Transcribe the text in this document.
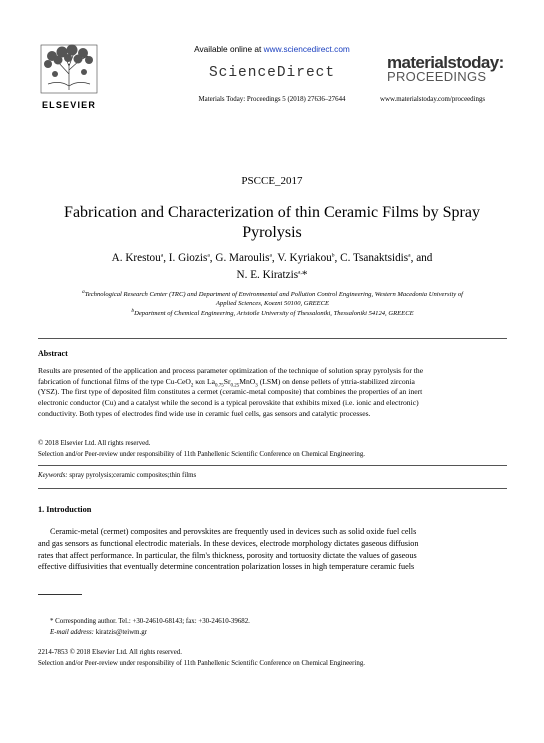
Available online at www.sciencedirect.com
ELSEVIER
ScienceDirect
Materials Today: Proceedings 5 (2018) 27636–27644
materialstoday:
PROCEEDINGS
www.materialstoday.com/proceedings
PSCCE_2017
Fabrication and Characterization of thin Ceramic Films by Spray
Pyrolysis
A. Krestou$^a$, I. Giozis$^a$, G. Maroulis$^a$, V. Kyriakou$^b$, C. Tsanaktsidis$^a$, and
N. E. Kiratzis$^{a,}$*
$^a$Technological Research Center (TRC) and Department of Environmental and Pollution Control Engineering, Western Macedonia University of
Applied Sciences, Koezni 50100, GREECE
$^b$Department of Chemical Engineering, Aristotle University of Thessaloniki, Thessaloniki 54124, GREECE
Abstract
Results are presented of the application and process parameter optimization of the technique of solution spray pyrolysis for the
fabrication of functional films of the type Cu-CeO$_2$ και $La_{0.75}Sr_{0.25}MnO_3$ (LSM) on dense pellets of yttria-stabilized zirconia
(YSZ). The first type of deposited film constitutes a cermet (ceramic-metal composite) that combines the properties of an inert
electronic conductor (Cu) and a catalyst while the second is a typical perovskite that exhibits mixed (i.e. ionic and electronic)
conductivity. Both types of electrodes find wide use in ceramic fuel cells, gas sensors and catalytic processes.
© 2018 Elsevier Ltd. All rights reserved.
Selection and/or Peer-review under responsibility of 11th Panhellenic Scientific Conference on Chemical Engineering.
Keywords: spray pyrolysis;ceramic composites;thin films
1. Introduction
Ceramic-metal (cermet) composites and perovskites are frequently used in devices such as solid oxide fuel cells
and gas sensors as functional electrodic materials. In these devices, electrode morphology dictates gaseous diffusion
rates that affect performance. In particular, the film's thickness, porosity and tortuosity dictate the values of gaseous
effective diffusivities that eventually determine concentration polarization losses in high temperature ceramic fuels
* Corresponding author. Tel.: +30-24610-68143; fax: +30-24610-39682.
E-mail address: kiratzis@teiwm.gr
2214-7853 © 2018 Elsevier Ltd. All rights reserved.
Selection and/or Peer-review under responsibility of 11th Panhellenic Scientific Conference on Chemical Engineering.
